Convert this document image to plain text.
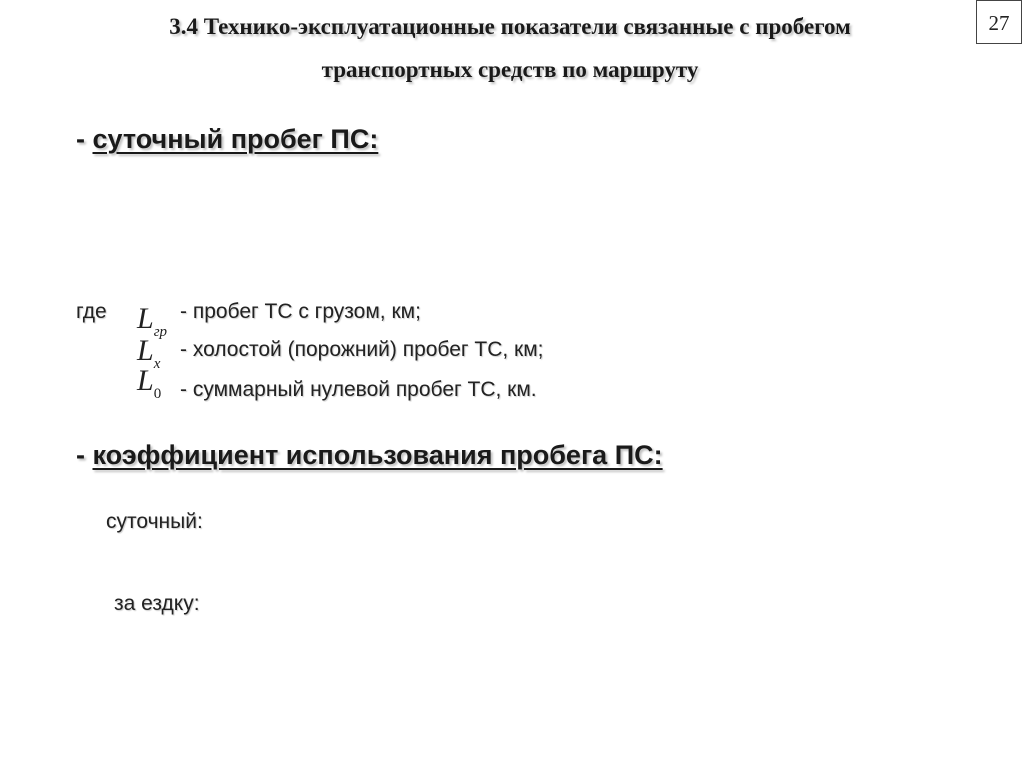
27
3.4 Технико-эксплуатационные показатели связанные с пробегом
транспортных средств по маршруту
- суточный пробег ПС:
где $L_{гр}$
$L_x$
$L_0$
- пробег ТС с грузом, км;
- холостой (порожний) пробег ТС, км;
- суммарный нулевой пробег ТС, км.
- коэффициент использования пробега ПС:
суточный:
за ездку:
